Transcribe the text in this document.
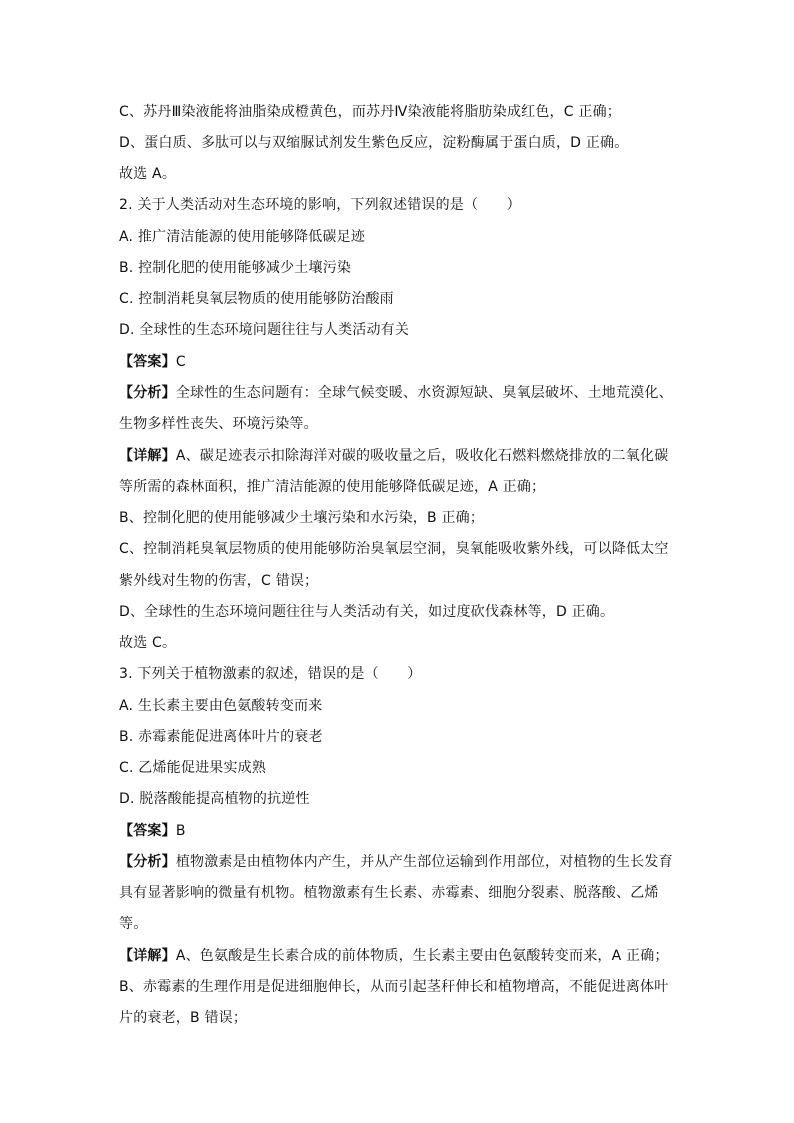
C、苏丹Ⅲ染液能将油脂染成橙黄色，而苏丹Ⅳ染液能将脂肪染成红色，C 正确；
D、蛋白质、多肽可以与双缩脲试剂发生紫色反应，淀粉酶属于蛋白质，D 正确。
故选 A。
2. 关于人类活动对生态环境的影响，下列叙述错误的是（　　）
A. 推广清洁能源的使用能够降低碳足迹
B. 控制化肥的使用能够减少土壤污染
C. 控制消耗臭氧层物质的使用能够防治酸雨
D. 全球性的生态环境问题往往与人类活动有关
【答案】C
【分析】全球性的生态问题有：全球气候变暖、水资源短缺、臭氧层破坏、土地荒漠化、
生物多样性丧失、环境污染等。
【详解】A、碳足迹表示扣除海洋对碳的吸收量之后，吸收化石燃料燃烧排放的二氧化碳
等所需的森林面积，推广清洁能源的使用能够降低碳足迹，A 正确；
B、控制化肥的使用能够减少土壤污染和水污染，B 正确；
C、控制消耗臭氧层物质的使用能够防治臭氧层空洞，臭氧能吸收紫外线，可以降低太空
紫外线对生物的伤害，C 错误；
D、全球性的生态环境问题往往与人类活动有关，如过度砍伐森林等，D 正确。
故选 C。
3. 下列关于植物激素的叙述，错误的是（　　）
A. 生长素主要由色氨酸转变而来
B. 赤霉素能促进离体叶片的衰老
C. 乙烯能促进果实成熟
D. 脱落酸能提高植物的抗逆性
【答案】B
【分析】植物激素是由植物体内产生，并从产生部位运输到作用部位，对植物的生长发育
具有显著影响的微量有机物。植物激素有生长素、赤霉素、细胞分裂素、脱落酸、乙烯
等。
【详解】A、色氨酸是生长素合成的前体物质，生长素主要由色氨酸转变而来，A 正确；
B、赤霉素的生理作用是促进细胞伸长，从而引起茎秆伸长和植物增高，不能促进离体叶
片的衰老，B 错误；
